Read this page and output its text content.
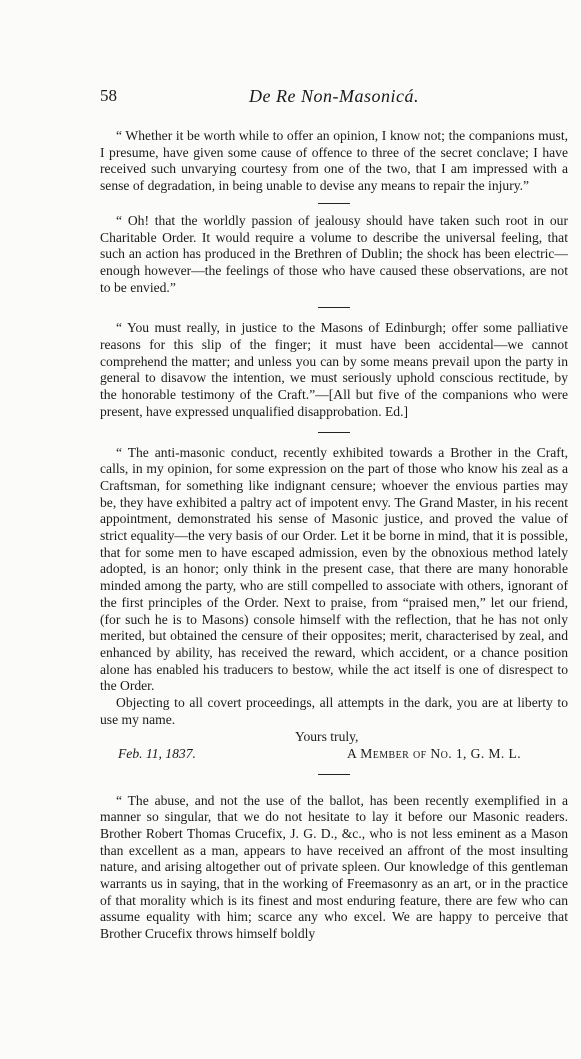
58	De Re Non-Masonicá.

“ Whether it be worth while to offer an opinion, I know not; the companions must, I presume, have given some cause of offence to three of the secret conclave; I have received such unvarying courtesy from one of the two, that I am impressed with a sense of degradation, in being unable to devise any means to repair the injury.”

“ Oh! that the worldly passion of jealousy should have taken such root in our Charitable Order. It would require a volume to describe the universal feeling, that such an action has produced in the Brethren of Dublin; the shock has been electric—enough however—the feelings of those who have caused these observations, are not to be envied.”

“ You must really, in justice to the Masons of Edinburgh; offer some palliative reasons for this slip of the finger; it must have been accidental—we cannot comprehend the matter; and unless you can by some means prevail upon the party in general to disavow the intention, we must seriously uphold conscious rectitude, by the honorable testimony of the Craft.”—[All but five of the companions who were present, have expressed unqualified disapprobation. Ed.]

“ The anti-masonic conduct, recently exhibited towards a Brother in the Craft, calls, in my opinion, for some expression on the part of those who know his zeal as a Craftsman, for something like indignant censure; whoever the envious parties may be, they have exhibited a paltry act of impotent envy. The Grand Master, in his recent appointment, demonstrated his sense of Masonic justice, and proved the value of strict equality—the very basis of our Order. Let it be borne in mind, that it is possible, that for some men to have escaped admission, even by the obnoxious method lately adopted, is an honor; only think in the present case, that there are many honorable minded among the party, who are still compelled to associate with others, ignorant of the first principles of the Order. Next to praise, from “praised men,” let our friend, (for such he is to Masons) console himself with the reflection, that he has not only merited, but obtained the censure of their opposites; merit, characterised by zeal, and enhanced by ability, has received the reward, which accident, or a chance position alone has enabled his traducers to bestow, while the act itself is one of disrespect to the Order.

Objecting to all covert proceedings, all attempts in the dark, you are at liberty to use my name.

Yours truly,
Feb. 11, 1837.	A Member of No. 1, G. M. L.

“ The abuse, and not the use of the ballot, has been recently exemplified in a manner so singular, that we do not hesitate to lay it before our Masonic readers. Brother Robert Thomas Crucefix, J. G. D., &c., who is not less eminent as a Mason than excellent as a man, appears to have received an affront of the most insulting nature, and arising altogether out of private spleen. Our knowledge of this gentleman warrants us in saying, that in the working of Freemasonry as an art, or in the practice of that morality which is its finest and most enduring feature, there are few who can assume equality with him; scarce any who excel. We are happy to perceive that Brother Crucefix throws himself boldly
